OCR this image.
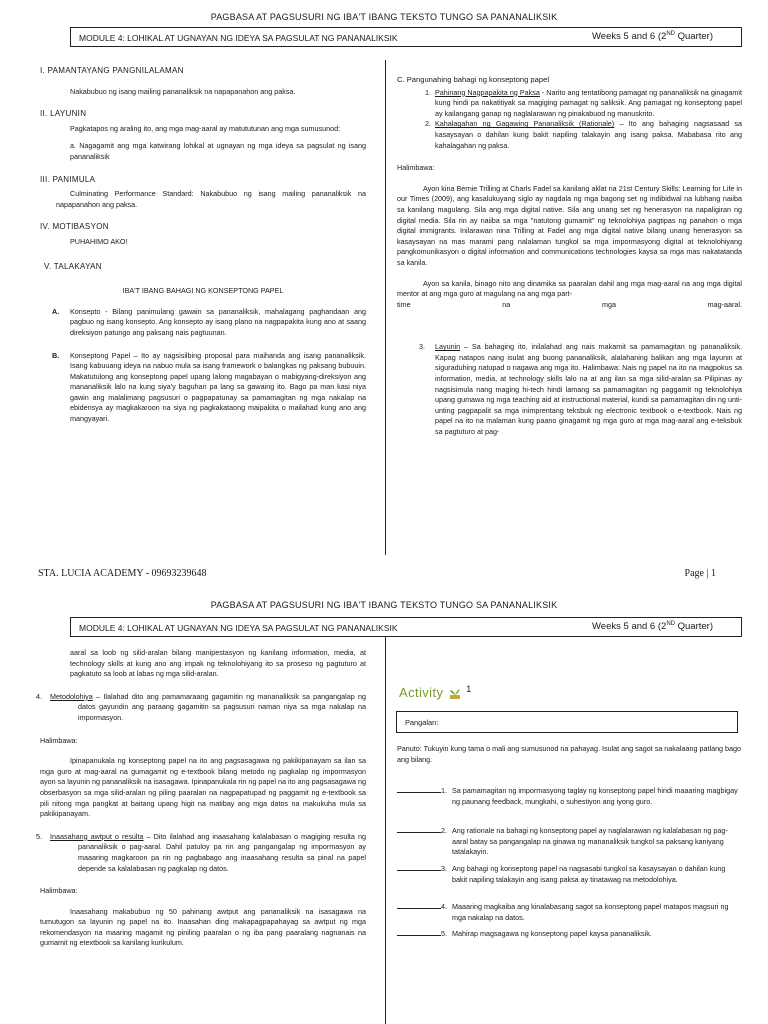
PAGBASA AT PAGSUSURI NG IBA'T IBANG TEKSTO TUNGO SA PANANALIKSIK
MODULE 4: LOHIKAL AT UGNAYAN NG IDEYA SA PAGSULAT NG PANANALIKSIK	Weeks 5 and 6 (2ND Quarter)

I. PAMANTAYANG PANGNILALAMAN

Nakabubuo ng isang mailing pananaliksik na napapanahon ang paksa.

II. LAYUNIN

Pagkatapos ng araling ito, ang mga mag-aaral ay matututunan ang mga sumusunod:

a. Nagagamit ang mga katwirang lohikal at ugnayan ng mga ideya sa pagsulat ng isang pananaliksik

III. PANIMULA

Culminating Performance Standard: Nakabubuo ng isang mailing pananaliksik na napapanahon ang paksa.

IV. MOTIBASYON

PUHAHIMO AKO!

V. TALAKAYAN

IBA'T IBANG BAHAGI NG KONSEPTONG PAPEL

A. Konsepto - Bilang panimulang gawain sa pananaliksik, mahalagang paghandaan ang pagbuo ng isang konsepto. Ang konsepto ay isang plano na nagpapakita kung ano at saang direksiyon patungo ang paksang nais pagtuunan.

B. Konseptong Papel – Ito ay nagsisilbing proposal para maihanda ang isang pananaliksik. Isang kabuuang ideya na nabuo mula sa isang framework o balangkas ng paksang bubuuin. Makatutulong ang konseptong papel upang lalong magabayan o mabigyang-direksiyon ang mananaliksik lalo na kung siya'y baguhan pa lang sa gawaing ito. Bago pa man kasi niya gawin ang malalimang pagsusuri o pagpapatunay sa pamamagitan ng mga nakalap na ebidensya ay magkakaroon na siya ng pagkakataong maipakita o mailahad kung ano ang mangyayari.

C. Pangunahing bahagi ng konseptong papel

1. Pahinang Nagpapakita ng Paksa - Narito ang tentatibong pamagat ng pananaliksik na ginagamit kung hindi pa nakatitiyak sa magiging pamagat ng saliksik. Ang pamagat ng konseptong papel ay kailangang ganap ng naglalarawan ng pinakabuod ng manuskrito.

2. Kahalagahan ng Gagawing Pananaliksik (Rationale) – Ito ang bahaging nagsasaad sa kasaysayan o dahilan kung bakit napiling talakayin ang isang paksa. Mababasa rito ang kahalagahan ng paksa.

Halimbawa:

Ayon kina Bernie Trilling at Charls Fadel sa kanilang aklat na 21st Century Skills: Learning for Life in our Times (2009), ang kasalukuyang siglo ay nagdala ng mga bagong set ng indibidwal na lubhang naiiba sa kanilang magulang. Sila ang mga digital native. Sila ang unang set ng henerasyon na napaligiran ng digital media. Sila rin ay naiiba sa mga "natutong gumamit" ng teknolohiya pagtipas ng panahon o mga digital immigrants. Inilarawan nina Trilling at Fadel ang mga digital native bilang unang henerasyon sa kasaysayan na mas marami pang nalalaman tungkol sa mga impormasyong digital at teknolohiyang pangkomunikasyon o digital information and communications technologies kaysa sa mga mas nakatatanda sa kanila.

Ayon sa kanila, binago nito ang dinamika sa paaralan dahil ang mga mag-aaral na ang mga digital mentor at ang mga guro at magulang na ang mga part-

time	na	mga	mag-aaral.
3. Layunin – Sa bahaging ito, inilalahad ang nais makamit sa pamamagitan ng pananaliksik. Kapag natapos nang isulat ang buong pananaliksik, alalahaning balikan ang mga layunin at siguraduhing natupad o nagawa ang mga ito. Halimbawa: Nais ng papel na ito na magpokus sa information, media, at technology skills lalo na at ang ilan sa mga silid-aralan sa Pilipinas ay nagsisimula nang maging hi-tech hindi lamang sa pamamagitan ng paggamit ng teknolohiya upang gumawa ng mga teaching aid at instructional material, kundi sa pamamagitan din ng unti-unting pagpapalit sa mga inimprentang teksbuk ng electronic textbook o e-textbook. Nais ng papel na ito na malaman kung paano ginagamit ng mga guro at mga mag-aaral ang e-teksbuk sa pagtuturo at pag-

STA. LUCIA ACADEMY - 09693239648	Page | 1
PAGBASA AT PAGSUSURI NG IBA'T IBANG TEKSTO TUNGO SA PANANALIKSIK
MODULE 4: LOHIKAL AT UGNAYAN NG IDEYA SA PAGSULAT NG PANANALIKSIK	Weeks 5 and 6 (2ND Quarter)

aaral sa loob ng silid-aralan bilang manipestasyon ng kanilang information, media, at technology skills at kung ano ang impak ng teknolohiyang ito sa proseso ng pagtuturo at pagkatuto sa loob at labas ng mga silid-aralan.

4. Metodolohiya – Ilalahad dito ang pamamaraang gagamitin ng mananaliksik sa pangangalap ng datos gayundin ang paraang gagamitin sa pagsusuri naman niya sa mga nakalap na impormasyon.

Halimbawa:

Ipinapanukala ng konseptong papel na ito ang pagsasagawa ng pakikipanayam sa ilan sa mga guro at mag-aaral na gumagamit ng e-textbook bilang metodo ng pagkalap ng impormasyon ayon sa layunin ng pananaliksik na isasagawa. Ipinapanukala rin ng papel na ito ang pagsasagawa ng obserbasyon sa mga silid-aralan ng piling paaralan na nagpapatupad ng paggamit ng e-textbook sa pili nitong mga pangkat at baitang upang higit na matibay ang mga datos na makukuha mula sa pakikipanayam.

5. Inaasahang awtput o resulta – Dito ilalahad ang inaasahang kalalabasan o magiging resulta ng pananaliksik o pag-aaral. Dahil patuloy pa rin ang pangangalap ng impormasyon ay maaaring magkaroon pa rin ng pagbabago ang inaasahang resulta sa pinal na papel depende sa kalalabasan ng pagkalap ng datos.

Halimbawa:

Inaasahang makabubuo ng 50 pahinang awtput ang pananaliksik na isasagawa na tumutugon sa layunin ng papel na ito. Inaasahan ding makapagpapahayag sa awtput ng mga rekomendasyon na maaring magamit ng piniling paaralan o ng iba pang paaralang nagnanais na gumamit ng etextbook sa kanilang kurikulum.

Activity	$^1$
Pangalan:

Panuto: Tukuyin kung tama o mali ang sumusunod na pahayag. Isulat ang sagot sa nakalaang patlang bago ang bilang.

1. Sa pamamagitan ng impormasyong taglay ng konseptong papel hindi maaaring magbigay ng paunang feedback, mungkahi, o suhestiyon ang iyong guro.
2. Ang rationale na bahagi ng konseptong papel ay naglalarawan ng kalalabasan ng pag-aaral batay sa pangangalap na ginawa ng mananaliksik tungkol sa paksang kaniyang tatalakayin.
3. Ang bahagi ng konseptong papel na nagsasabi tungkol sa kasaysayan o dahilan kung bakit napiling talakayin ang isang paksa ay tinatawag na metodolohiya.
4. Maaaring magkaiba ang kinalabasang sagot sa konseptong papel matapos magsuri ng mga nakalap na datos.
5. Mahirap magsagawa ng konseptong papel kaysa pananaliksik.
